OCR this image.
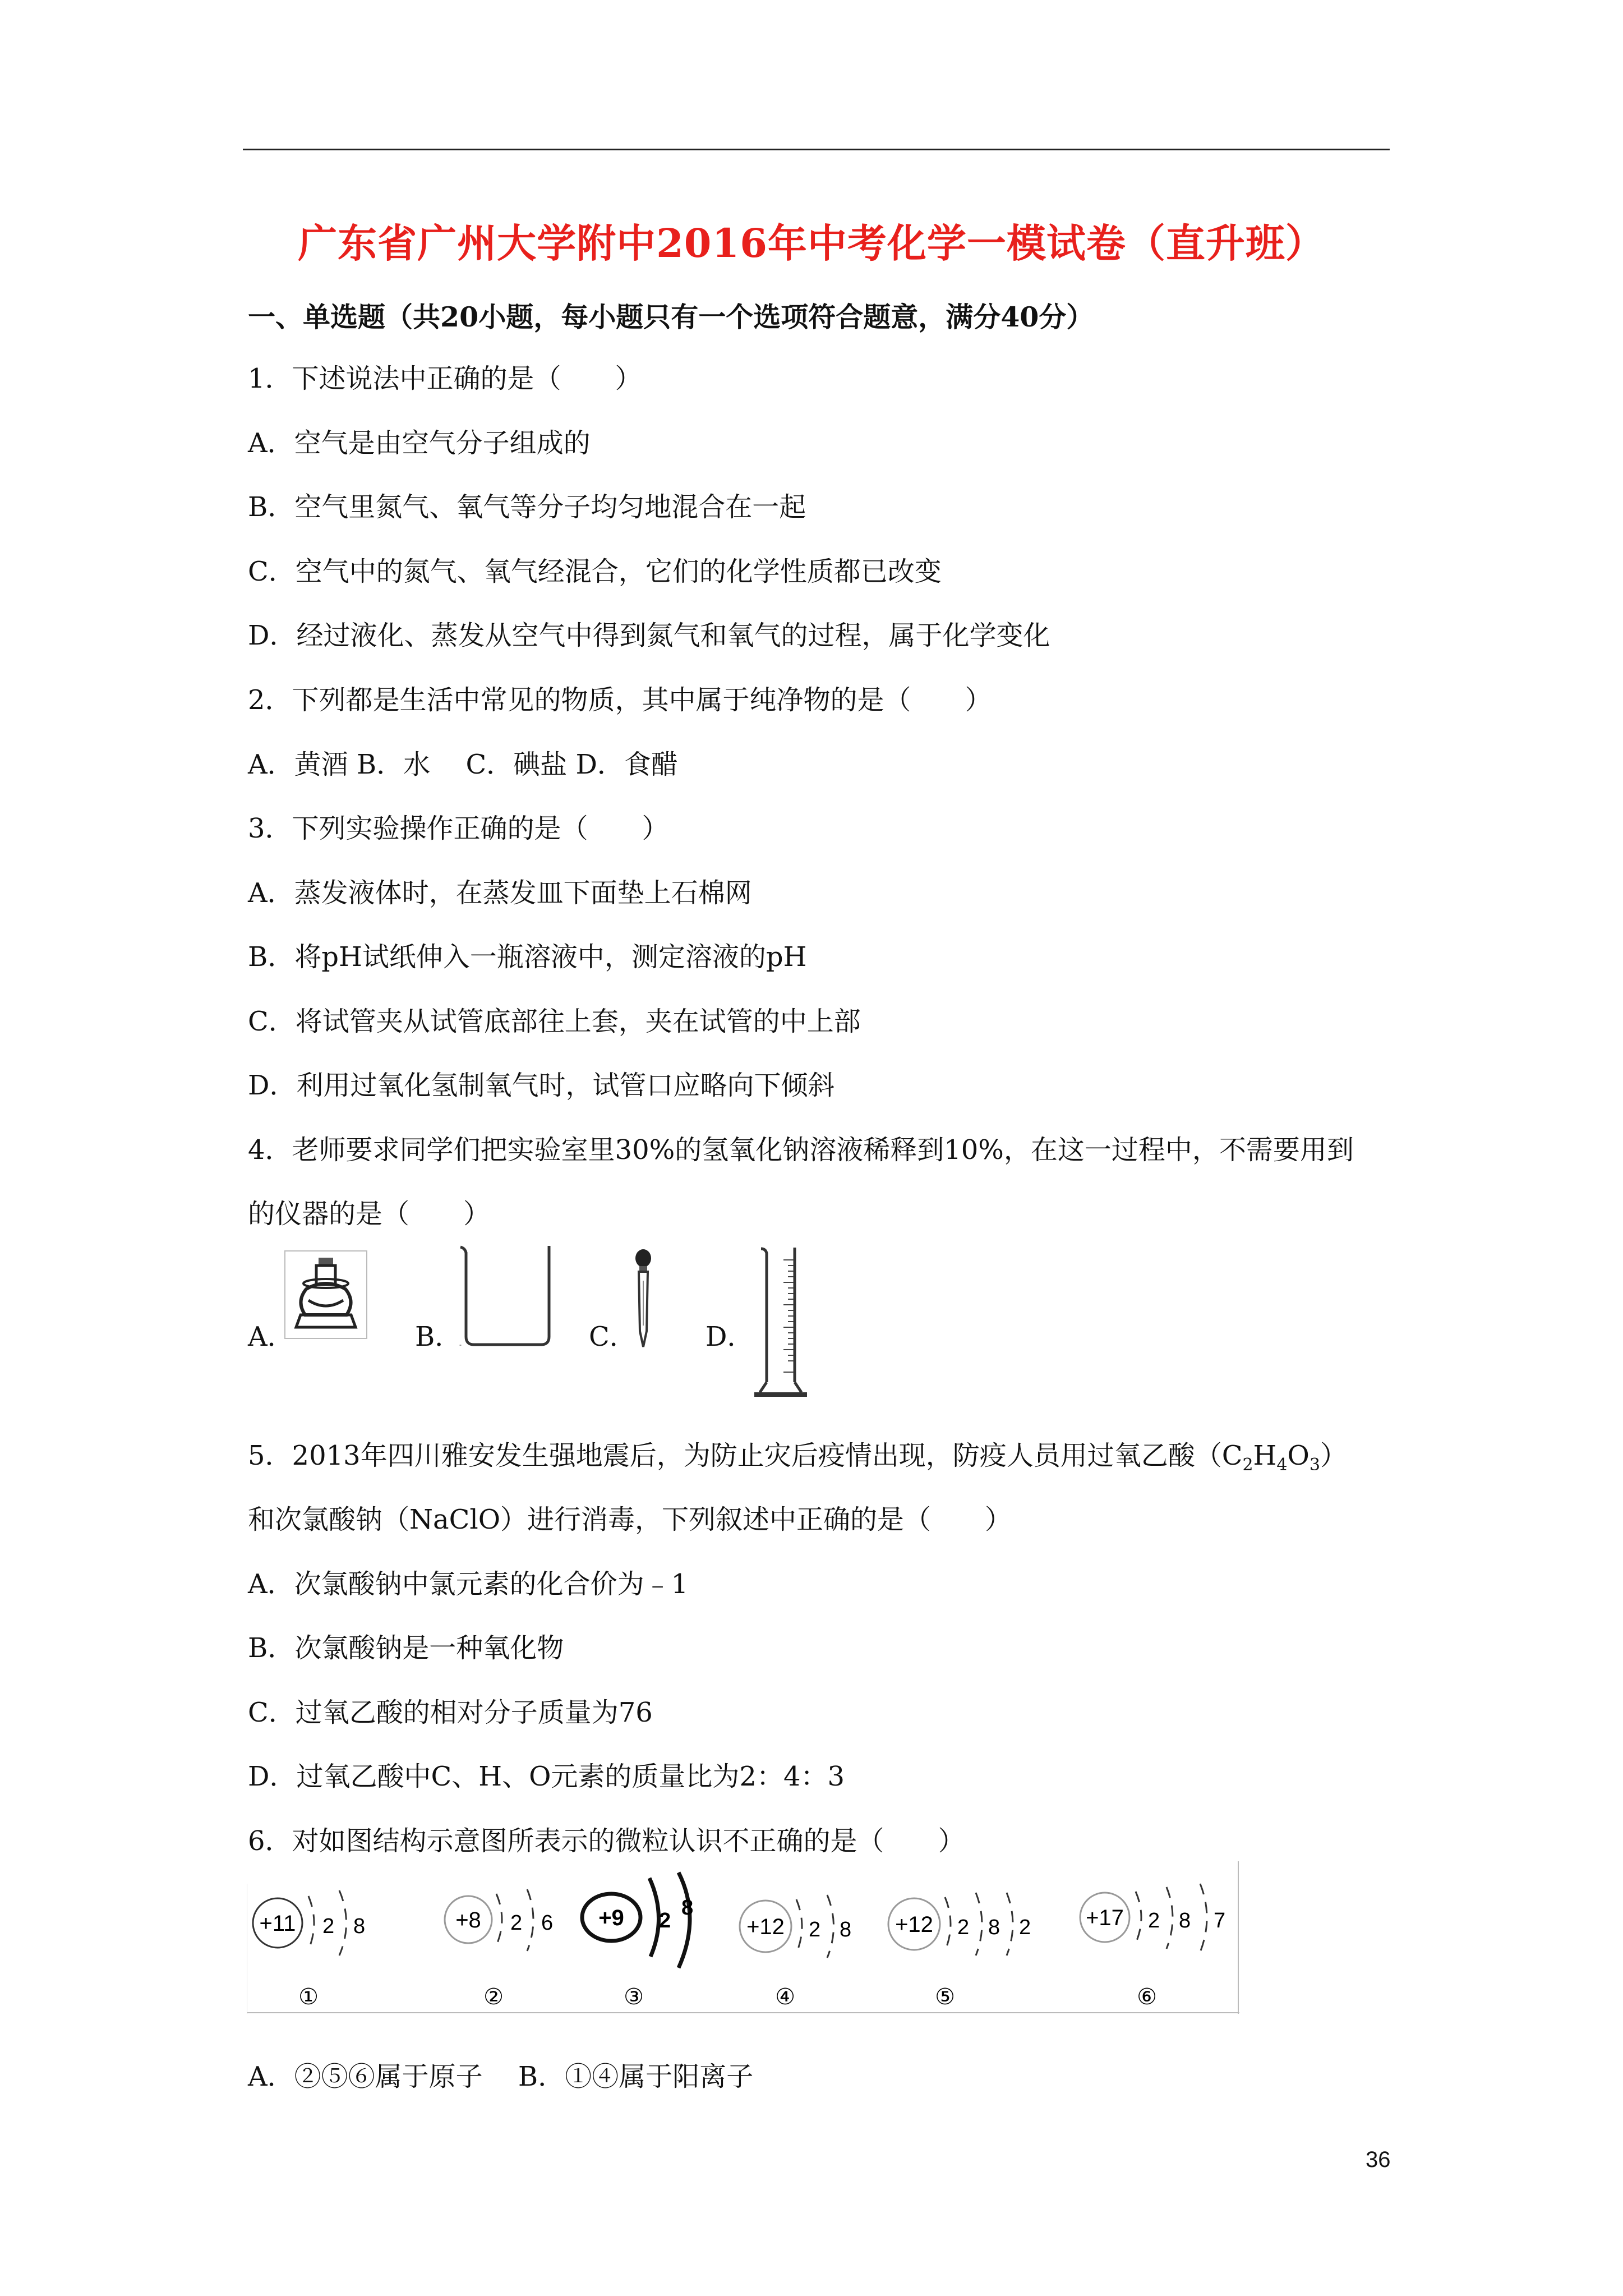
广东省广州大学附中2016年中考化学一模试卷（直升班）
一、单选题（共20小题，每小题只有一个选项符合题意，满分40分）
1．下述说法中正确的是（　　）
A．空气是由空气分子组成的
B．空气里氮气、氧气等分子均匀地混合在一起
C．空气中的氮气、氧气经混合，它们的化学性质都已改变
D．经过液化、蒸发从空气中得到氮气和氧气的过程，属于化学变化
2．下列都是生活中常见的物质，其中属于纯净物的是（　　）
A．黄酒 B．水　 C．碘盐 D．食醋
3．下列实验操作正确的是（　　）
A．蒸发液体时，在蒸发皿下面垫上石棉网
B．将pH试纸伸入一瓶溶液中，测定溶液的pH
C．将试管夹从试管底部往上套，夹在试管的中上部
D．利用过氧化氢制氧气时，试管口应略向下倾斜
4．老师要求同学们把实验室里30%的氢氧化钠溶液稀释到10%，在这一过程中，不需要用到
的仪器的是（　　）
A．	B．	C．	D．
5．2013年四川雅安发生强地震后，为防止灾后疫情出现，防疫人员用过氧乙酸$(C_2H_4O_3)$
和次氯酸钠（NaClO）进行消毒，下列叙述中正确的是（　　）
A．次氯酸钠中氯元素的化合价为﹣1
B．次氯酸钠是一种氧化物
C．过氧乙酸的相对分子质量为76
D．过氧乙酸中C、H、O元素的质量比为2：4：3
6．对如图结构示意图所表示的微粒认识不正确的是（　　）
+11 2 8
①
+8 2 6
②
+9 2
8
③
+12 2 8
④
+12 2 8 2
⑤
+17 2 8 7
⑥
A．②⑤⑥属于原子　 B．①④属于阳离子
36
